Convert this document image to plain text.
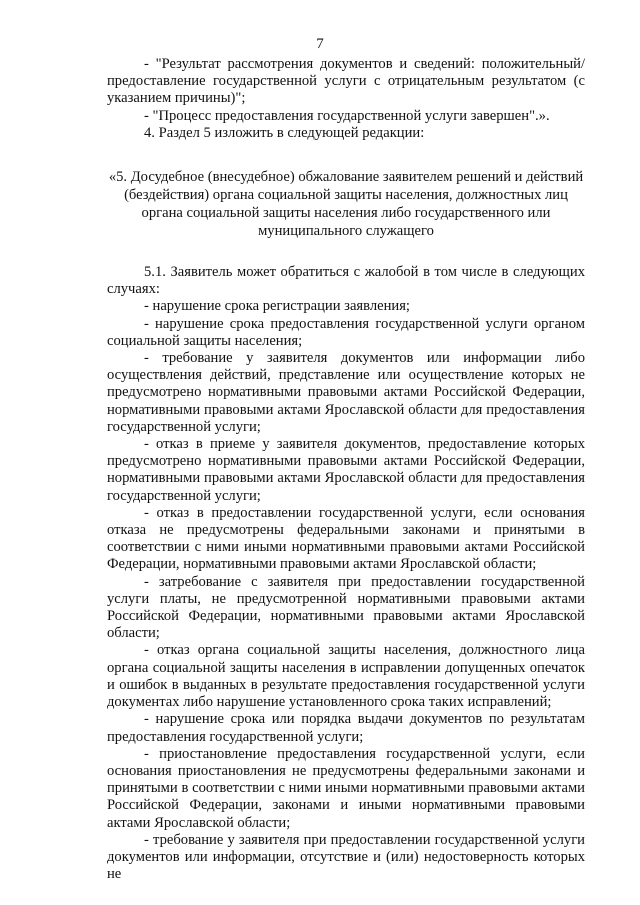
7

- "Результат рассмотрения документов и сведений: положительный/предоставление государственной услуги с отрицательным результатом (с указанием причины)";

- "Процесс предоставления государственной услуги завершен".».

4. Раздел 5 изложить в следующей редакции:

«5. Досудебное (внесудебное) обжалование заявителем решений и действий (бездействия) органа социальной защиты населения, должностных лиц органа социальной защиты населения либо государственного или муниципального служащего

5.1. Заявитель может обратиться с жалобой в том числе в следующих случаях:

- нарушение срока регистрации заявления;

- нарушение срока предоставления государственной услуги органом социальной защиты населения;

- требование у заявителя документов или информации либо осуществления действий, представление или осуществление которых не предусмотрено нормативными правовыми актами Российской Федерации, нормативными правовыми актами Ярославской области для предоставления государственной услуги;

- отказ в приеме у заявителя документов, предоставление которых предусмотрено нормативными правовыми актами Российской Федерации, нормативными правовыми актами Ярославской области для предоставления государственной услуги;

- отказ в предоставлении государственной услуги, если основания отказа не предусмотрены федеральными законами и принятыми в соответствии с ними иными нормативными правовыми актами Российской Федерации, нормативными правовыми актами Ярославской области;

- затребование с заявителя при предоставлении государственной услуги платы, не предусмотренной нормативными правовыми актами Российской Федерации, нормативными правовыми актами Ярославской области;

- отказ органа социальной защиты населения, должностного лица органа социальной защиты населения в исправлении допущенных опечаток и ошибок в выданных в результате предоставления государственной услуги документах либо нарушение установленного срока таких исправлений;

- нарушение срока или порядка выдачи документов по результатам предоставления государственной услуги;

- приостановление предоставления государственной услуги, если основания приостановления не предусмотрены федеральными законами и принятыми в соответствии с ними иными нормативными правовыми актами Российской Федерации, законами и иными нормативными правовыми актами Ярославской области;

- требование у заявителя при предоставлении государственной услуги документов или информации, отсутствие и (или) недостоверность которых не
